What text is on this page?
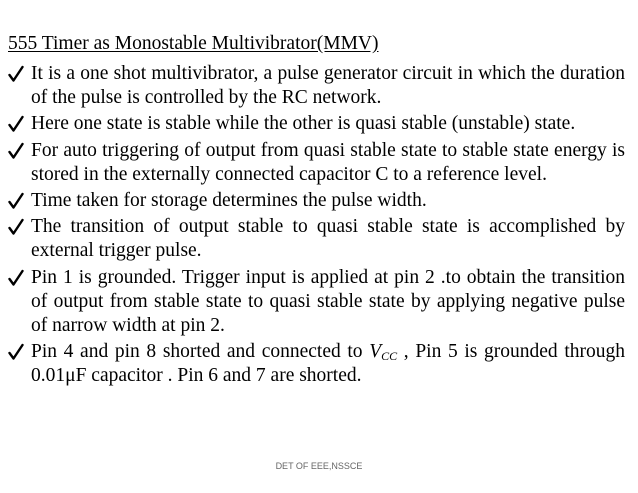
555 Timer as Monostable Multivibrator(MMV)
It is a one shot multivibrator, a pulse generator circuit in which the duration of the pulse is controlled by the RC network.
Here one state is stable while the other is quasi stable (unstable) state.
For auto triggering of output from quasi stable state to stable state energy is stored in the externally connected capacitor C to a reference level.
Time taken for storage determines the pulse width.
The transition of output stable to quasi stable state is accomplished by external trigger pulse.
Pin 1 is grounded. Trigger input is applied at pin 2 .to obtain the transition of output from stable state to quasi stable state by applying negative pulse of narrow width at pin 2.
Pin 4 and pin 8 shorted and connected to $V_{CC}$ , Pin 5 is grounded through 0.01μF capacitor . Pin 6 and 7 are shorted.
DET OF EEE,NSSCE
